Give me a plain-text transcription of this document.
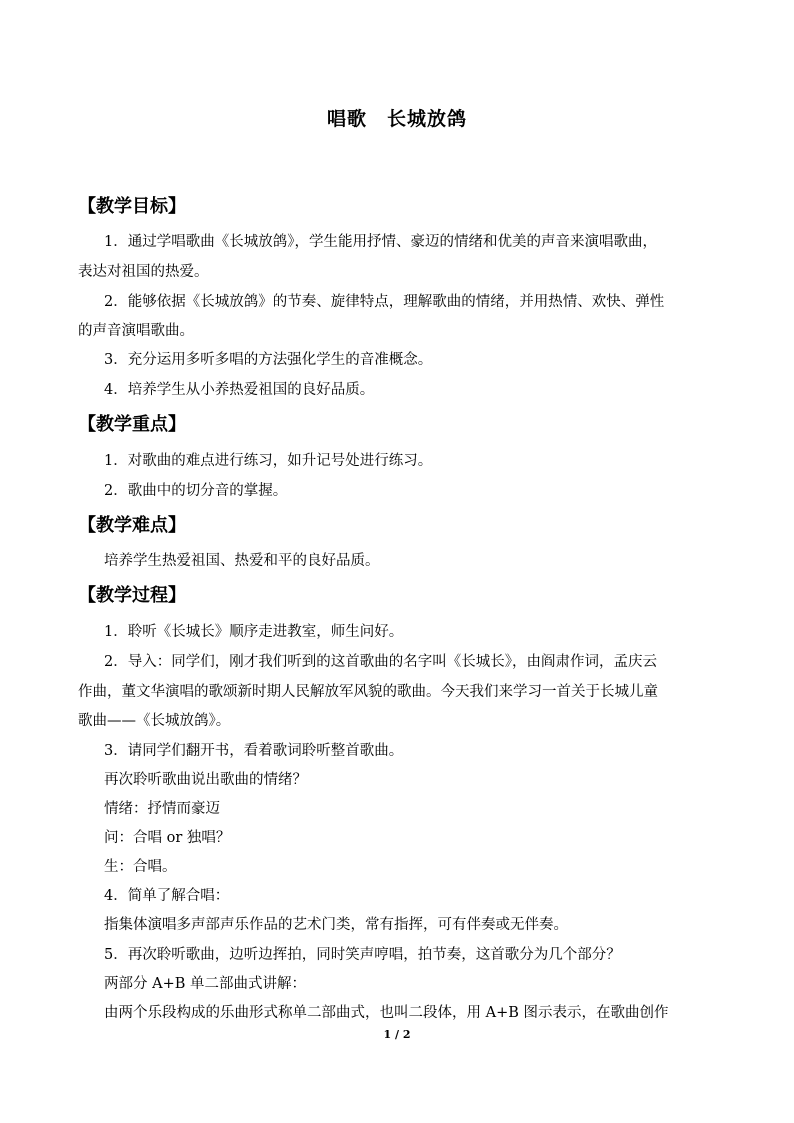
唱歌　长城放鸽
【教学目标】
1．通过学唱歌曲《长城放鸽》，学生能用抒情、豪迈的情绪和优美的声音来演唱歌曲，
表达对祖国的热爱。
2．能够依据《长城放鸽》的节奏、旋律特点，理解歌曲的情绪，并用热情、欢快、弹性
的声音演唱歌曲。
3．充分运用多听多唱的方法强化学生的音准概念。
4．培养学生从小养热爱祖国的良好品质。
【教学重点】
1．对歌曲的难点进行练习，如升记号处进行练习。
2．歌曲中的切分音的掌握。
【教学难点】
培养学生热爱祖国、热爱和平的良好品质。
【教学过程】
1．聆听《长城长》顺序走进教室，师生问好。
2．导入：同学们，刚才我们听到的这首歌曲的名字叫《长城长》，由阎肃作词，孟庆云
作曲，董文华演唱的歌颂新时期人民解放军风貌的歌曲。今天我们来学习一首关于长城儿童
歌曲——《长城放鸽》。
3．请同学们翻开书，看着歌词聆听整首歌曲。
再次聆听歌曲说出歌曲的情绪？
情绪：抒情而豪迈
问：合唱 or 独唱？
生：合唱。
4．简单了解合唱：
指集体演唱多声部声乐作品的艺术门类，常有指挥，可有伴奏或无伴奏。
5．再次聆听歌曲，边听边挥拍，同时笑声哼唱，拍节奏，这首歌分为几个部分？
两部分 A+B 单二部曲式讲解：
由两个乐段构成的乐曲形式称单二部曲式，也叫二段体，用 A+B 图示表示，在歌曲创作
1 / 2
